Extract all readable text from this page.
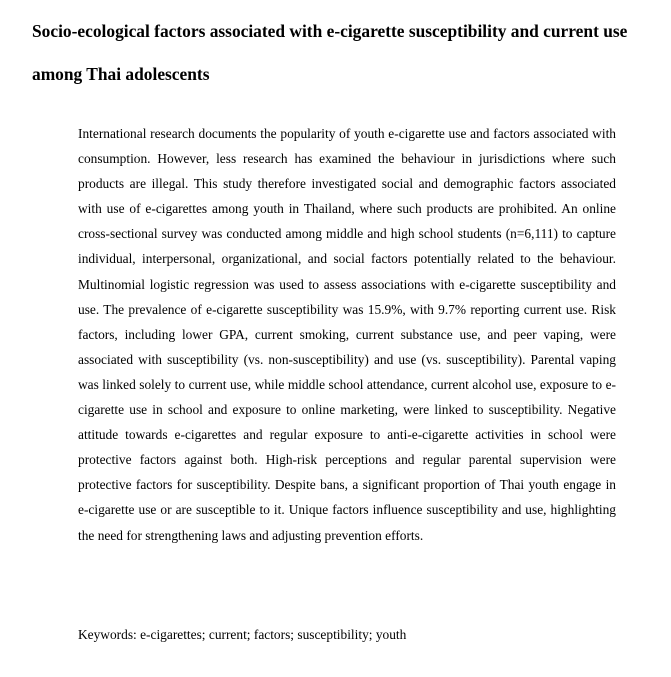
Socio-ecological factors associated with e-cigarette susceptibility and current use among Thai adolescents

International research documents the popularity of youth e-cigarette use and factors associated with consumption. However, less research has examined the behaviour in jurisdictions where such products are illegal. This study therefore investigated social and demographic factors associated with use of e-cigarettes among youth in Thailand, where such products are prohibited. An online cross-sectional survey was conducted among middle and high school students (n=6,111) to capture individual, interpersonal, organizational, and social factors potentially related to the behaviour. Multinomial logistic regression was used to assess associations with e-cigarette susceptibility and use. The prevalence of e-cigarette susceptibility was 15.9%, with 9.7% reporting current use. Risk factors, including lower GPA, current smoking, current substance use, and peer vaping, were associated with susceptibility (vs. non-susceptibility) and use (vs. susceptibility). Parental vaping was linked solely to current use, while middle school attendance, current alcohol use, exposure to e-cigarette use in school and exposure to online marketing, were linked to susceptibility. Negative attitude towards e-cigarettes and regular exposure to anti-e-cigarette activities in school were protective factors against both. High-risk perceptions and regular parental supervision were protective factors for susceptibility. Despite bans, a significant proportion of Thai youth engage in e-cigarette use or are susceptible to it. Unique factors influence susceptibility and use, highlighting the need for strengthening laws and adjusting prevention efforts.

Keywords: e-cigarettes; current; factors; susceptibility; youth
